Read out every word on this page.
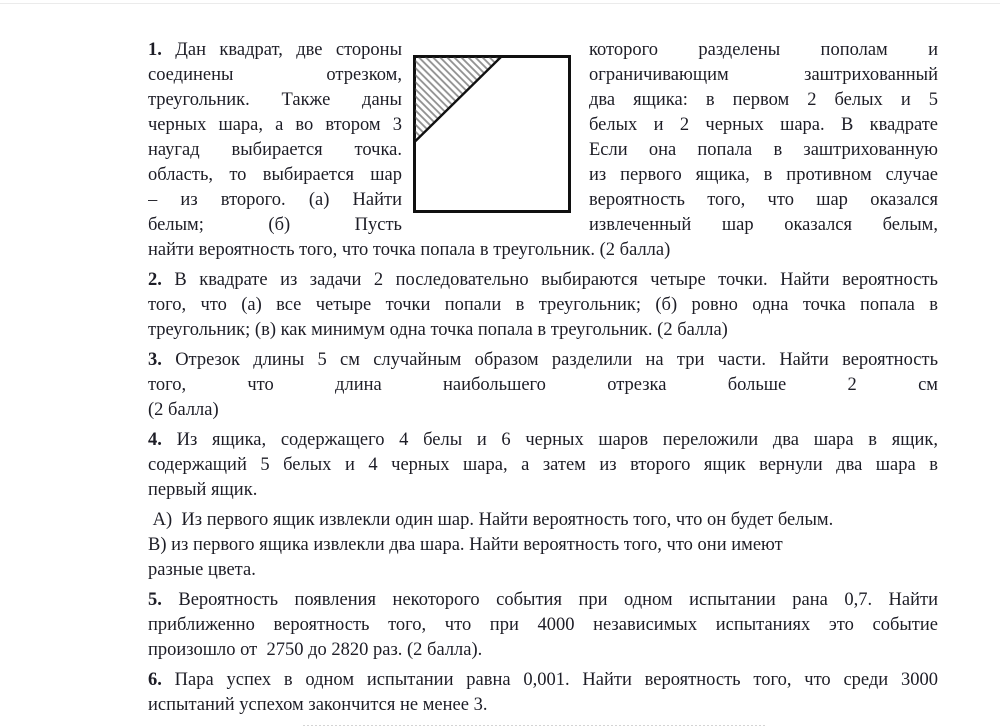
1. Дан квадрат, две стороны
соединены отрезком,
треугольник. Также даны
черных шара, а во втором 3
наугад выбирается точка.
область, то выбирается шар
– из второго. (а) Найти
белым; (б) Пусть
которого разделены пополам и
ограничивающим заштрихованный
два ящика: в первом 2 белых и 5
белых и 2 черных шара. В квадрате
Если она попала в заштрихованную
из первого ящика, в противном случае
вероятность того, что шар оказался
извлеченный шар оказался белым,
найти вероятность того, что точка попала в треугольник. (2 балла)
2. В квадрате из задачи 2 последовательно выбираются четыре точки. Найти вероятность
того, что (а) все четыре точки попали в треугольник; (б) ровно одна точка попала в
треугольник; (в) как минимум одна точка попала в треугольник. (2 балла)
3. Отрезок длины 5 см случайным образом разделили на три части. Найти вероятность
того, что длина наибольшего отрезка больше 2 см
(2 балла)
4. Из ящика, содержащего 4 белы и 6 черных шаров переложили два шара в ящик,
содержащий 5 белых и 4 черных шара, а затем из второго ящик вернули два шара в
первый ящик.
А)  Из первого ящик извлекли один шар. Найти вероятность того, что он будет белым.
В) из первого ящика извлекли два шара. Найти вероятность того, что они имеют
разные цвета.
5. Вероятность появления некоторого события при одном испытании рана 0,7. Найти
приближенно вероятность того, что при 4000 независимых испытаниях это событие
произошло от  2750 до 2820 раз. (2 балла).
6. Пара успех в одном испытании равна 0,001. Найти вероятность того, что среди 3000
испытаний успехом закончится не менее 3.
